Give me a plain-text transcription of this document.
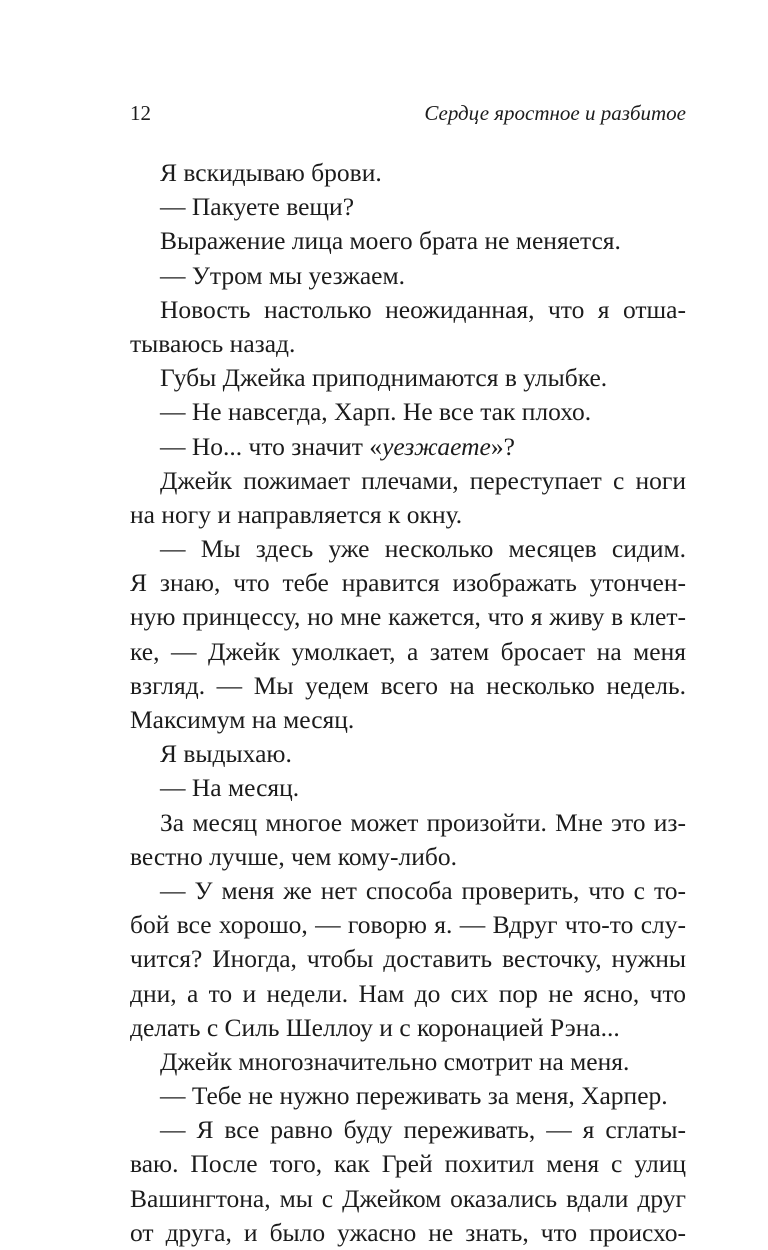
12	Сердце яростное и разбитое
Я вскидываю брови.
— Пакуете вещи?
Выражение лица моего брата не меняется.
— Утром мы уезжаем.
Новость настолько неожиданная, что я отша-
тываюсь назад.
Губы Джейка приподнимаются в улыбке.
— Не навсегда, Харп. Не все так плохо.
— Но... что значит «уезжаете»?
Джейк пожимает плечами, переступает с ноги
на ногу и направляется к окну.
— Мы здесь уже несколько месяцев сидим.
Я знаю, что тебе нравится изображать утончен-
ную принцессу, но мне кажется, что я живу в клет-
ке, — Джейк умолкает, а затем бросает на меня
взгляд. — Мы уедем всего на несколько недель.
Максимум на месяц.
Я выдыхаю.
— На месяц.
За месяц многое может произойти. Мне это из-
вестно лучше, чем кому-либо.
— У меня же нет способа проверить, что с то-
бой все хорошо, — говорю я. — Вдруг что-то слу-
чится? Иногда, чтобы доставить весточку, нужны
дни, а то и недели. Нам до сих пор не ясно, что
делать с Силь Шеллоу и с коронацией Рэна...
Джейк многозначительно смотрит на меня.
— Тебе не нужно переживать за меня, Харпер.
— Я все равно буду переживать, — я сглаты-
ваю. После того, как Грей похитил меня с улиц
Вашингтона, мы с Джейком оказались вдали друг
от друга, и было ужасно не знать, что происхо-
